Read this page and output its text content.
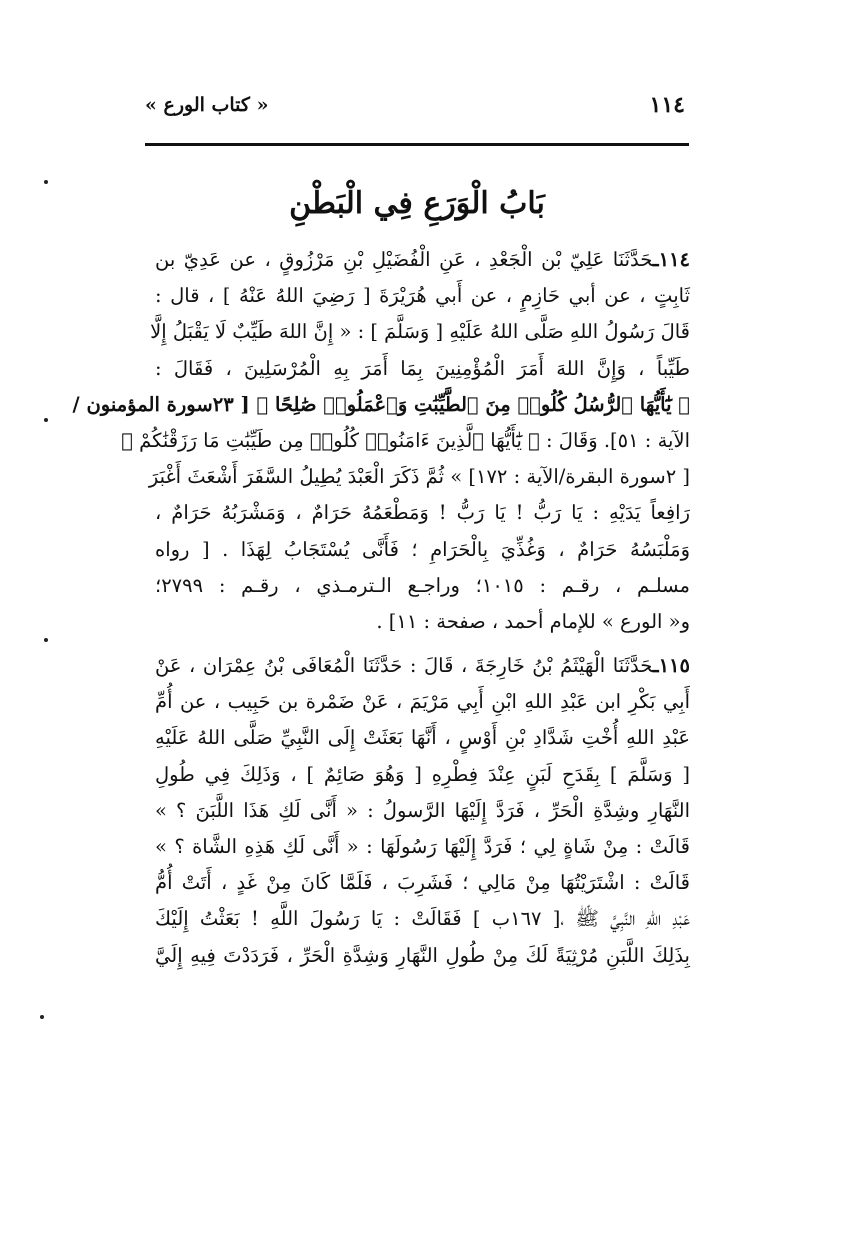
١١٤
« كتاب الورع »
بَابُ الْوَرَعِ فِي الْبَطْنِ
١١٤ـحَدَّثَنَا عَلِيّ بْن الْجَعْدِ ، عَنِ الْفُضَيْلِ بْنِ مَرْزُوقٍ ، عن عَدِيّ بن
ثَابِتٍ ، عن أبي حَازِمٍ ، عن أَبي هُرَيْرَةَ [ رَضِيَ اللهُ عَنْهُ ] ، قال :
قَالَ رَسُولُ اللهِ صَلَّى اللهُ عَلَيْهِ [ وَسَلَّمَ ] : « إِنَّ اللهَ طَيِّبٌ لَا يَقْبَلُ إِلَّا
طَيِّباً ، وَإِنَّ اللهَ أَمَرَ الْمُؤْمِنِينَ بِمَا أَمَرَ بِهِ الْمُرْسَلِينَ ، فَقَالَ :
﴿ يَٰٓأَيُّهَا ٱلرُّسُلُ كُلُوا۟ مِنَ ٱلطَّيِّبَٰتِ وَٱعْمَلُوا۟ صَٰلِحًا ﴾ [ ٢٣سورة المؤمنون /
الآية : ٥١]. وَقَالَ : ﴿ يَٰٓأَيُّهَا ٱلَّذِينَ ءَامَنُوا۟ كُلُوا۟ مِن طَيِّبَٰتِ مَا رَزَقْنَٰكُمْ ﴾
[ ٢سورة البقرة/الآية : ١٧٢] » ثُمَّ ذَكَرَ الْعَبْدَ يُطِيلُ السَّفَرَ أَشْعَثَ أَغْبَرَ
رَافِعاً يَدَيْهِ : يَا رَبُّ ! يَا رَبُّ ! وَمَطْعَمُهُ حَرَامٌ ، وَمَشْرَبُهُ حَرَامٌ ،
وَمَلْبَسُهُ حَرَامٌ ، وَغُذِّيَ بِالْحَرَامِ ؛ فَأَنَّى يُسْتَجَابُ لِهَذَا . [ رواه
مسلـم ، رقـم : ١٠١٥؛ وراجـع الـترمـذي ، رقـم : ٢٧٩٩؛
و« الورع » للإمام أحمد ، صفحة : ١١] .
١١٥ـحَدَّثَنَا الْهَيْثَمُ بْنُ خَارِجَةَ ، قَالَ : حَدَّثَنَا الْمُعَافَى بْنُ عِمْرَان ، عَنْ
أَبِي بَكْرِ ابن عَبْدِ اللهِ ابْنِ أَبِي مَرْيَمَ ، عَنْ ضَمْرة بن حَبِيب ، عن أُمِّ
عَبْدِ اللهِ أُخْتِ شَدَّادِ بْنِ أَوْسٍ ، أَنَّهَا بَعَثَتْ إِلَى النَّبِيِّ صَلَّى اللهُ عَلَيْهِ
[ وَسَلَّمَ ] بِقَدَحِ لَبَنٍ عِنْدَ فِطْرِهِ [ وَهُوَ صَائِمٌ ] ، وَذَلِكَ فِي طُولِ
النَّهَارِ وشِدَّةِ الْحَرِّ ، فَرَدَّ إِلَيْهَا الرَّسولُ : « أَنَّى لَكِ هَذَا اللَّبَنَ ؟ »
قَالَتْ : مِنْ شَاةٍ لِي ؛ فَرَدَّ إِلَيْهَا رَسُولَهَا : « أَنَّى لَكِ هَذِهِ الشَّاة ؟ »
قَالَتْ : اشْتَرَيْتُهَا مِنْ مَالِي ؛ فَشَرِبَ ، فَلَمَّا كَانَ مِنْ غَدٍ ، أَتَتْ أُمُّ
عَبْدِ اللهِ النَّبِيَّ ﷺ ،[ ١٦٧ب ] فَقَالَتْ : يَا رَسُولَ اللَّهِ ! بَعَثْتُ إِلَيْكَ
بِذَلِكَ اللَّبَنِ مُرْثِيَةً لَكَ مِنْ طُولِ النَّهَارِ وَشِدَّةِ الْحَرِّ ، فَرَدَدْتَ فِيهِ إِلَيَّ
